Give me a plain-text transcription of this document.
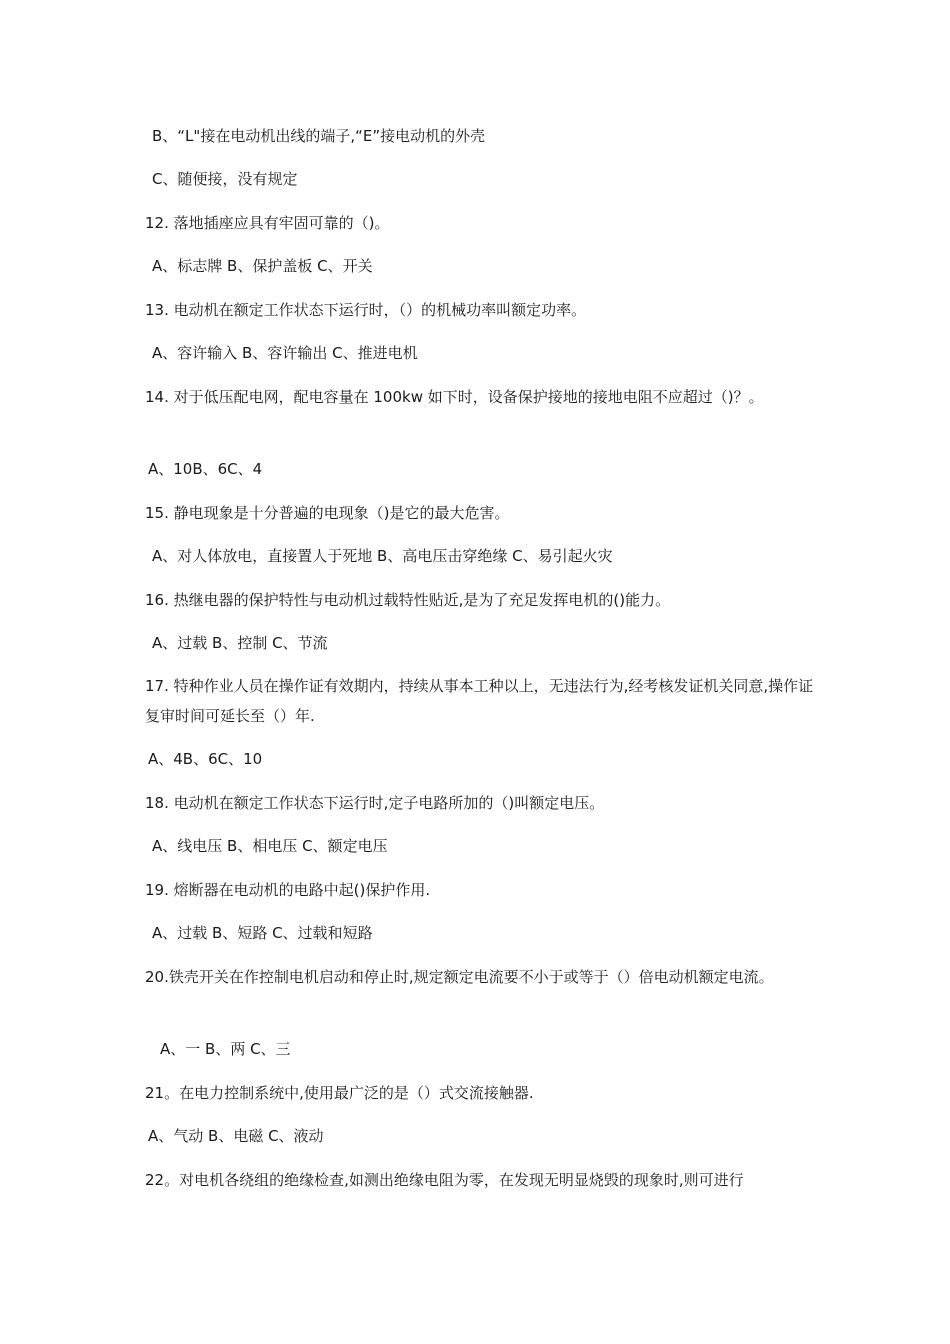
B、“L"接在电动机出线的端子,“E”接电动机的外壳
C、随便接，没有规定
12. 落地插座应具有牢固可靠的（)。
A、标志牌 B、保护盖板 C、开关
13. 电动机在额定工作状态下运行时，（）的机械功率叫额定功率。
A、容许输入 B、容许输出 C、推进电机
14. 对于低压配电网，配电容量在 100kw 如下时，设备保护接地的接地电阻不应超过（)？。
A、10B、6C、4
15. 静电现象是十分普遍的电现象（)是它的最大危害。
A、对人体放电，直接置人于死地 B、高电压击穿绝缘 C、易引起火灾
16. 热继电器的保护特性与电动机过载特性贴近,是为了充足发挥电机的()能力。
A、过载 B、控制 C、节流
17. 特种作业人员在操作证有效期内，持续从事本工种以上，无违法行为,经考核发证机关同意,操作证复审时间可延长至（）年.
A、4B、6C、10
18. 电动机在额定工作状态下运行时,定子电路所加的（)叫额定电压。
A、线电压 B、相电压 C、额定电压
19. 熔断器在电动机的电路中起()保护作用.
A、过载 B、短路 C、过载和短路
20.铁壳开关在作控制电机启动和停止时,规定额定电流要不小于或等于（）倍电动机额定电流。
A、一 B、两 C、三
21。在电力控制系统中,使用最广泛的是（）式交流接触器.
A、气动 B、电磁 C、液动
22。对电机各绕组的绝缘检查,如测出绝缘电阻为零，在发现无明显烧毁的现象时,则可进行
